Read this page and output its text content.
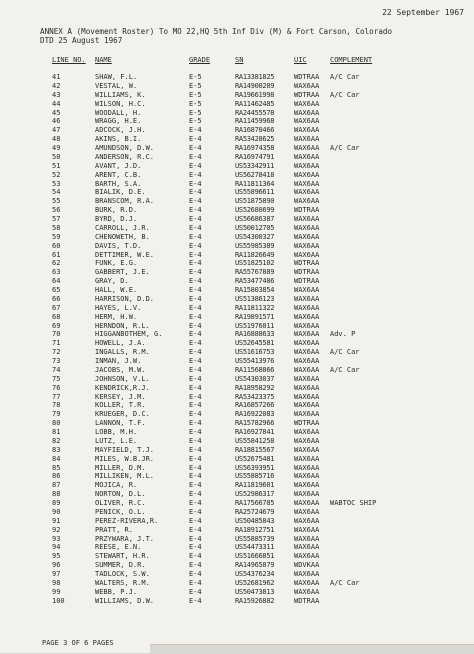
22 September 1967
ANNEX A (Movement Roster) To MO 22,HQ 5th Inf Div (M) & Fort Carson, Colorado
DTD 25 August 1967
LINE NO. NAME	GRADE	SN	UIC	COMPLEMENT
41	SHAW, F.L.	E-5	RA13381825	WDTRAA A/C Car
42	VESTAL, W.	E-5	RA14900209	WAX6AA
43	WILLIAMS, K.	E-5	RA19661998	WDTRAA A/C Car
44	WILSON, H.C.	E-5	RA11462485	WAX6AA
45	WOODALL, H.	E-5	RA24455578	WAX6AA
46	WRAGG, H.E.	E-5	RA11459968	WAX6AA
47	ADCOCK, J.H.	E-4	RA16870466	WAX6AA
48	AKINS, B.I.	E-4	RA53428625	WAX6AA
49	AMUNDSON, D.W.	E-4	RA16974358	WAX6AA A/C Car
50	ANDERSON, R.C.	E-4	RA16974791	WAX6AA
51	AVANT, J.D.	E-4	US53342911	WAX6AA
52	ARENT, C.B.	E-4	US56278418	WAX6AA
53	BARTH, S.A.	E-4	RA11811364	WAX6AA
54	BIALIK, D.E.	E-4	US55896611	WAX6AA
55	BRANSCOM, R.A.	E-4	US51875890	WAX6AA
56	BURK, R.D.	E-4	US52680699	WDTRAA
57	BYRD, D.J.	E-4	US56686387	WAX6AA
58	CARROLL, J.R.	E-4	US50012705	WAX6AA
59	CHENOWETH, B.	E-4	US54300327	WAX6AA
60	DAVIS, T.D.	E-4	US55985389	WAX6AA
61	DETTIMER, W.E.	E-4	RA11826649	WAX6AA
62	FUNK, E.G.	E-4	US51825102	WDTRAA
63	GABBERT, J.E.	E-4	RA55767889	WDTRAA
64	GRAY, D.	E-4	RA53477486	WDTRAA
65	HALL, W.E.	E-4	RA15803854	WAX6AA
66	HARRISON, D.D.	E-4	US51386123	WAX6AA
67	HAYES, L.V.	E-4	RA11811322	WAX6AA
68	HERM, H.W.	E-4	RA19891571	WAX6AA
69	HERNDON, R.L.	E-4	US51976011	WAX6AA
70	HIGGANBOTHEM, G.	E-4	RA16888633	WAX6AA Adv. P
71	HOWELL, J.A.	E-4	US52645581	WAX6AA
72	INGALLS, R.M.	E-4	US51616753	WAX6AA A/C Car
73	INMAN, J.W.	E-4	US55413976	WAX6AA
74	JACOBS, M.W.	E-4	RA11568866	WAX6AA A/C Car
75	JOHNSON, V.L.	E-4	US54303037	WAX6AA
76	KENDRICK,R.J.	E-4	RA18958292	WAX6AA
77	KERSEY, J.M.	E-4	RA53423375	WAX6AA
78	KOLLER, T.R.	E-4	RA16857266	WAX6AA
79	KRUEGER, D.C.	E-4	RA16922083	WAX6AA
80	LANNON, T.F.	E-4	RA15782966	WDTRAA
81	LOBB, M.H.	E-4	RA16927841	WAX6AA
82	LUTZ, L.E.	E-4	US55841258	WAX6AA
83	MAYFIELD, T.J.	E-4	RA18815567	WAX6AA
84	MILES, W.B.JR.	E-4	US52675481	WAX6AA
85	MILLER, D.M.	E-4	US56393951	WAX6AA
86	MILLIKEN, M.L.	E-4	US55885716	WAX6AA
87	MOJICA, R.	E-4	RA11819601	WAX6AA
88	NORTON, D.L.	E-4	US52986317	WAX6AA
89	OLIVER, R.C.	E-4	RA17566785	WAX6AA WABTOC SHIP
90	PENICK, O.L.	E-4	RA25724679	WAX6AA
91	PEREZ-RIVERA,R.	E-4	US50485843	WAX6AA
92	PRATT, R.	E-4	RA18912751	WAX6AA
93	PRZYWARA, J.T.	E-4	US55885739	WAX6AA
94	REESE, E.N.	E-4	US54473311	WAX6AA
95	STEWART, H.R.	E-4	US51666851	WAX6AA
96	SUMMER, D.R.	E-4	RA14965879	WDVKAA
97	TADLOCK, S.W.	E-4	US54376234	WAX6AA
98	WALTERS, R.M.	E-4	US52681962	WAX6AA A/C Car
99	WEBB, P.J.	E-4	US50473813	WAX6AA
100	WILLIAMS, D.W.	E-4	RA15926882	WDTRAA
PAGE 3 OF 6 PAGES
